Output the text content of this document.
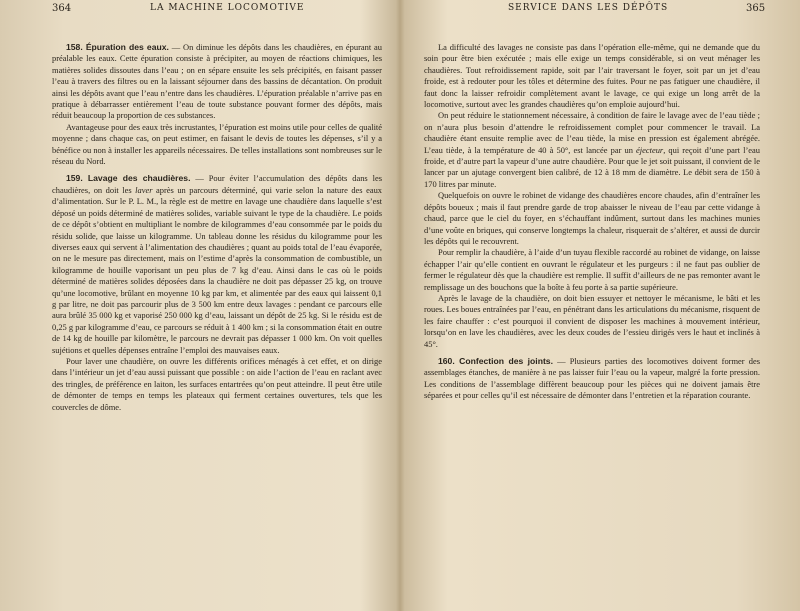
364	LA MACHINE LOCOMOTIVE

158. Épuration des eaux. — On diminue les dépôts dans les chaudières, en épurant au préalable les eaux. Cette épuration consiste à précipiter, au moyen de réactions chimiques, les matières solides dissoutes dans l’eau ; on en sépare ensuite les sels précipités, en faisant passer l’eau à travers des filtres ou en la laissant séjourner dans des bassins de décantation. On produit ainsi les dépôts avant que l’eau n’entre dans les chaudières. L’épuration préalable n’arrive pas en pratique à débarrasser entièrement l’eau de toute substance pouvant former des dépôts, mais réduit beaucoup la proportion de ces substances.

Avantageuse pour des eaux très incrustantes, l’épuration est moins utile pour celles de qualité moyenne ; dans chaque cas, on peut estimer, en faisant le devis de toutes les dépenses, s’il y a bénéfice ou non à installer les appareils nécessaires. De telles installations sont nombreuses sur le réseau du Nord.

159. Lavage des chaudières. — Pour éviter l’accumulation des dépôts dans les chaudières, on doit les laver après un parcours déterminé, qui varie selon la nature des eaux d’alimentation. Sur le P. L. M., la règle est de mettre en lavage une chaudière dans laquelle s’est déposé un poids déterminé de matières solides, variable suivant le type de la chaudière. Le poids de ce dépôt s’obtient en multipliant le nombre de kilogrammes d’eau consommée par le poids du résidu solide, que laisse un kilogramme. Un tableau donne les résidus du kilogramme pour les diverses eaux qui servent à l’alimentation des chaudières ; quant au poids total de l’eau évaporée, on ne le mesure pas directement, mais on l’estime d’après la consommation de combustible, un kilogramme de houille vaporisant un peu plus de 7 kg d’eau. Ainsi dans le cas où le poids déterminé de matières solides déposées dans la chaudière ne doit pas dépasser 25 kg, on trouve qu’une locomotive, brûlant en moyenne 10 kg par km, et alimentée par des eaux qui laissent 0,1 g par litre, ne doit pas parcourir plus de 3 500 km entre deux lavages : pendant ce parcours elle aura brûlé 35 000 kg et vaporisé 250 000 kg d’eau, laissant un dépôt de 25 kg. Si le résidu est de 0,25 g par kilogramme d’eau, ce parcours se réduit à 1 400 km ; si la consommation était en outre de 14 kg de houille par kilomètre, le parcours ne devrait pas dépasser 1 000 km. On voit quelles sujétions et quelles dépenses entraîne l’emploi des mauvaises eaux.

Pour laver une chaudière, on ouvre les différents orifices ménagés à cet effet, et on dirige dans l’intérieur un jet d’eau aussi puissant que possible : on aide l’action de l’eau en raclant avec des tringles, de préférence en laiton, les surfaces entartrées qu’on peut atteindre. Il peut être utile de démonter de temps en temps les plateaux qui ferment certaines ouvertures, tels que les couvercles de dôme.

SERVICE DANS LES DÉPÔTS	365

La difficulté des lavages ne consiste pas dans l’opération elle-même, qui ne demande que du soin pour être bien exécutée ; mais elle exige un temps considérable, si on veut ménager les chaudières. Tout refroidissement rapide, soit par l’air traversant le foyer, soit par un jet d’eau froide, est à redouter pour les tôles et détermine des fuites. Pour ne pas fatiguer une chaudière, il faut donc la laisser refroidir complètement avant le lavage, ce qui exige un long arrêt de la locomotive, surtout avec les grandes chaudières qu’on emploie aujourd’hui.

On peut réduire le stationnement nécessaire, à condition de faire le lavage avec de l’eau tiède ; on n’aura plus besoin d’attendre le refroidissement complet pour commencer le travail. La chaudière étant ensuite remplie avec de l’eau tiède, la mise en pression est également abrégée. L’eau tiède, à la température de 40 à 50°, est lancée par un éjecteur, qui reçoit d’une part l’eau froide, et d’autre part la vapeur d’une autre chaudière. Pour que le jet soit puissant, il convient de le lancer par un ajutage convergent bien calibré, de 12 à 18 mm de diamètre. Le débit sera de 150 à 170 litres par minute.

Quelquefois on ouvre le robinet de vidange des chaudières encore chaudes, afin d’entraîner les dépôts boueux ; mais il faut prendre garde de trop abaisser le niveau de l’eau par cette vidange à chaud, parce que le ciel du foyer, en s’échauffant indûment, surtout dans les machines munies d’une voûte en briques, qui conserve longtemps la chaleur, risquerait de s’altérer, et aussi de durcir les dépôts qui le recouvrent.

Pour remplir la chaudière, à l’aide d’un tuyau flexible raccordé au robinet de vidange, on laisse échapper l’air qu’elle contient en ouvrant le régulateur et les purgeurs : il ne faut pas oublier de fermer le régulateur dès que la chaudière est remplie. Il suffit d’ailleurs de ne pas remonter avant le remplissage un des bouchons que la boîte à feu porte à sa partie supérieure.

Après le lavage de la chaudière, on doit bien essuyer et nettoyer le mécanisme, le bâti et les roues. Les boues entraînées par l’eau, en pénétrant dans les articulations du mécanisme, risquent de les faire chauffer : c’est pourquoi il convient de disposer les machines à mouvement intérieur, lorsqu’on en lave les chaudières, avec les deux coudes de l’essieu dirigés vers le haut et inclinés à 45°.

160. Confection des joints. — Plusieurs parties des locomotives doivent former des assemblages étanches, de manière à ne pas laisser fuir l’eau ou la vapeur, malgré la forte pression. Les conditions de l’assemblage diffèrent beaucoup pour les pièces qui ne doivent jamais être séparées et pour celles qu’il est nécessaire de démonter dans l’entretien et la réparation courante.
